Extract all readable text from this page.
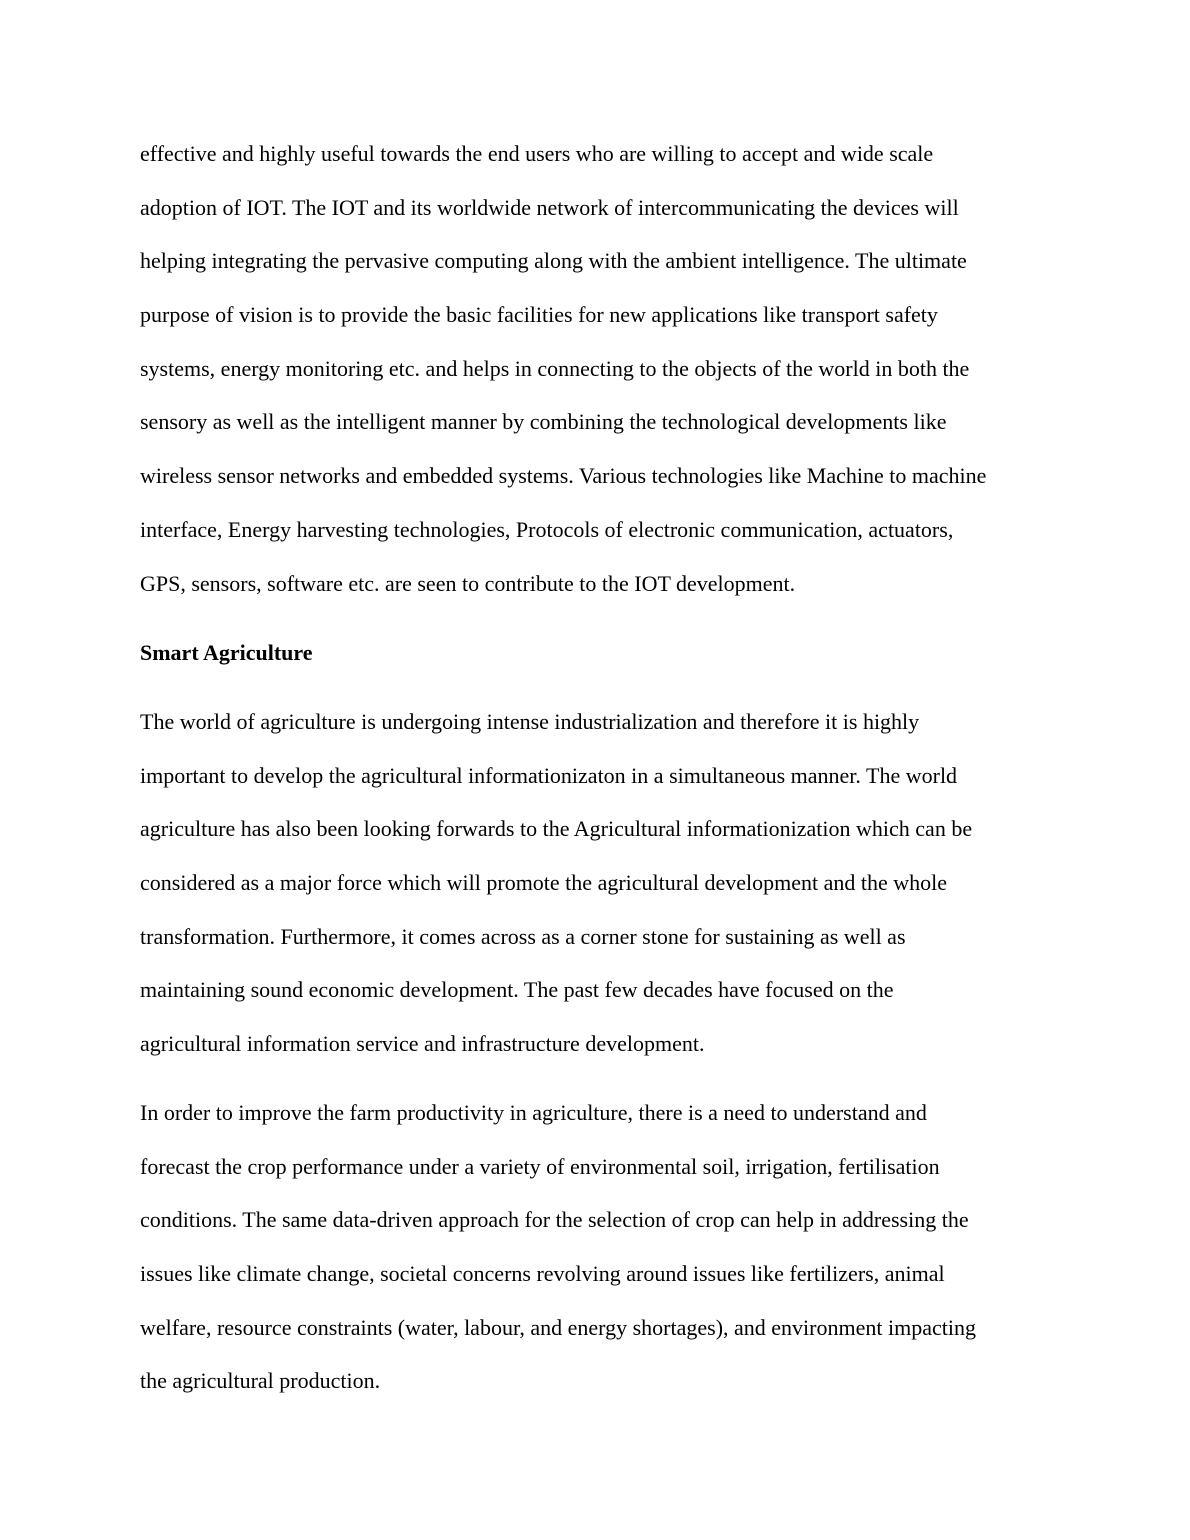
effective and highly useful towards the end users who are willing to accept and wide scale
adoption of IOT. The IOT and its worldwide network of intercommunicating the devices will
helping integrating the pervasive computing along with the ambient intelligence. The ultimate
purpose of vision is to provide the basic facilities for new applications like transport safety
systems, energy monitoring etc. and helps in connecting to the objects of the world in both the
sensory as well as the intelligent manner by combining the technological developments like
wireless sensor networks and embedded systems. Various technologies like Machine to machine
interface, Energy harvesting technologies, Protocols of electronic communication, actuators,
GPS, sensors, software etc. are seen to contribute to the IOT development.
Smart Agriculture
The world of agriculture is undergoing intense industrialization and therefore it is highly
important to develop the agricultural informationizaton in a simultaneous manner. The world
agriculture has also been looking forwards to the Agricultural informationization which can be
considered as a major force which will promote the agricultural development and the whole
transformation. Furthermore, it comes across as a corner stone for sustaining as well as
maintaining sound economic development. The past few decades have focused on the
agricultural information service and infrastructure development.
In order to improve the farm productivity in agriculture, there is a need to understand and
forecast the crop performance under a variety of environmental soil, irrigation, fertilisation
conditions. The same data-driven approach for the selection of crop can help in addressing the
issues like climate change, societal concerns revolving around issues like fertilizers, animal
welfare, resource constraints (water, labour, and energy shortages), and environment impacting
the agricultural production.
